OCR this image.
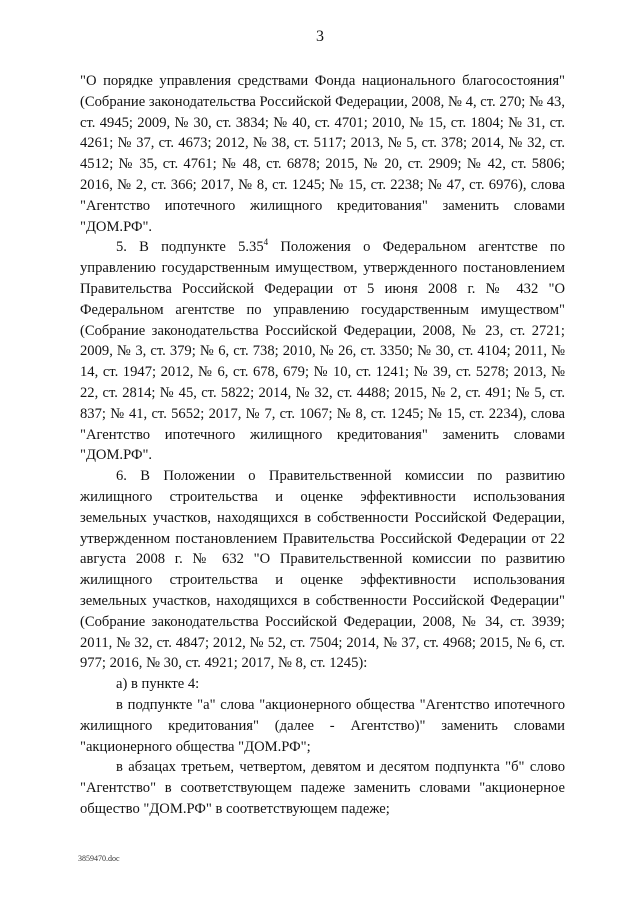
3

"О порядке управления средствами Фонда национального благосостояния" (Собрание законодательства Российской Федерации, 2008, № 4, ст. 270; № 43, ст. 4945; 2009, № 30, ст. 3834; № 40, ст. 4701; 2010, № 15, ст. 1804; № 31, ст. 4261; № 37, ст. 4673; 2012, № 38, ст. 5117; 2013, № 5, ст. 378; 2014, № 32, ст. 4512; № 35, ст. 4761; № 48, ст. 6878; 2015, № 20, ст. 2909; № 42, ст. 5806; 2016, № 2, ст. 366; 2017, № 8, ст. 1245; № 15, ст. 2238; № 47, ст. 6976), слова "Агентство ипотечного жилищного кредитования" заменить словами "ДОМ.РФ".

5. В подпункте 5.35$^4$ Положения о Федеральном агентстве по управлению государственным имуществом, утвержденного постановлением Правительства Российской Федерации от 5 июня 2008 г. № 432 "О Федеральном агентстве по управлению государственным имуществом" (Собрание законодательства Российской Федерации, 2008, № 23, ст. 2721; 2009, № 3, ст. 379; № 6, ст. 738; 2010, № 26, ст. 3350; № 30, ст. 4104; 2011, № 14, ст. 1947; 2012, № 6, ст. 678, 679; № 10, ст. 1241; № 39, ст. 5278; 2013, № 22, ст. 2814; № 45, ст. 5822; 2014, № 32, ст. 4488; 2015, № 2, ст. 491; № 5, ст. 837; № 41, ст. 5652; 2017, № 7, ст. 1067; № 8, ст. 1245; № 15, ст. 2234), слова "Агентство ипотечного жилищного кредитования" заменить словами "ДОМ.РФ".

6. В Положении о Правительственной комиссии по развитию жилищного строительства и оценке эффективности использования земельных участков, находящихся в собственности Российской Федерации, утвержденном постановлением Правительства Российской Федерации от 22 августа 2008 г. № 632 "О Правительственной комиссии по развитию жилищного строительства и оценке эффективности использования земельных участков, находящихся в собственности Российской Федерации" (Собрание законодательства Российской Федерации, 2008, № 34, ст. 3939; 2011, № 32, ст. 4847; 2012, № 52, ст. 7504; 2014, № 37, ст. 4968; 2015, № 6, ст. 977; 2016, № 30, ст. 4921; 2017, № 8, ст. 1245):

а) в пункте 4:

в подпункте "а" слова "акционерного общества "Агентство ипотечного жилищного кредитования" (далее - Агентство)" заменить словами "акционерного общества "ДОМ.РФ";

в абзацах третьем, четвертом, девятом и десятом подпункта "б" слово "Агентство" в соответствующем падеже заменить словами "акционерное общество "ДОМ.РФ" в соответствующем падеже;

3859470.doc
